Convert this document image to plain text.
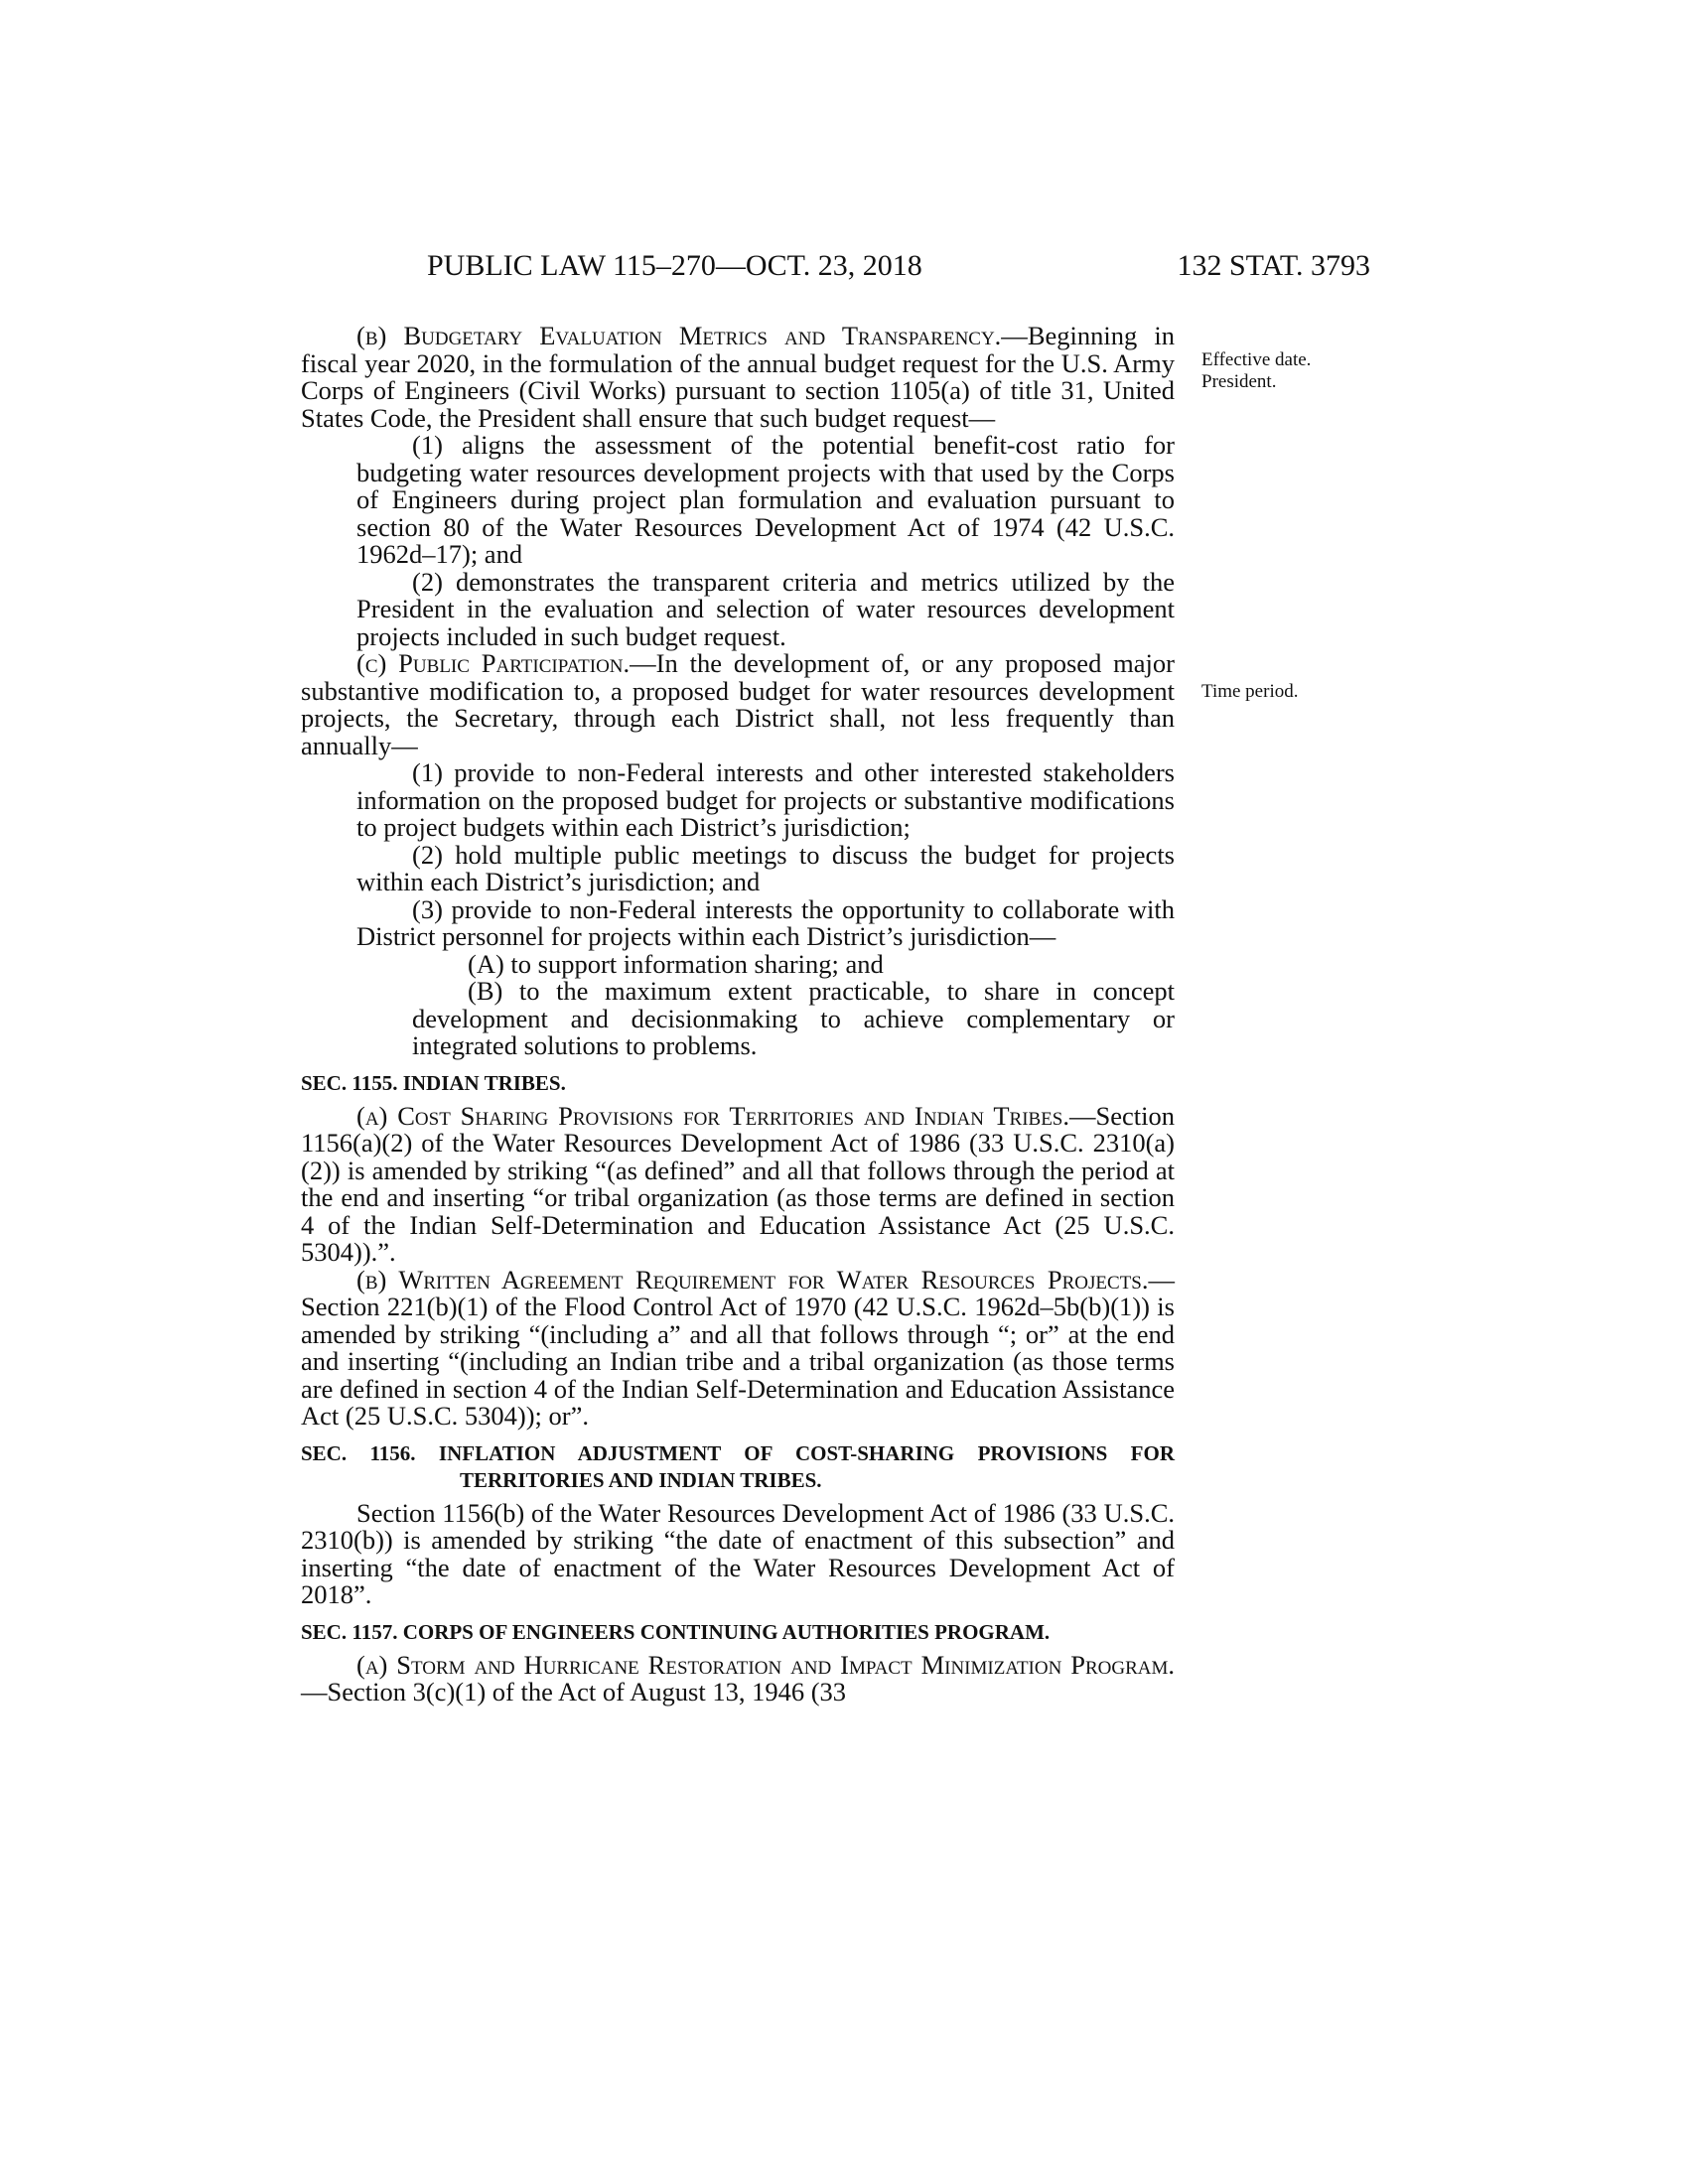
PUBLIC LAW 115–270—OCT. 23, 2018	132 STAT. 3793
Effective date.
President.
Time period.

(b) Budgetary Evaluation Metrics and Transparency.—Beginning in fiscal year 2020, in the formulation of the annual budget request for the U.S. Army Corps of Engineers (Civil Works) pursuant to section 1105(a) of title 31, United States Code, the President shall ensure that such budget request—

(1) aligns the assessment of the potential benefit-cost ratio for budgeting water resources development projects with that used by the Corps of Engineers during project plan formulation and evaluation pursuant to section 80 of the Water Resources Development Act of 1974 (42 U.S.C. 1962d–17); and

(2) demonstrates the transparent criteria and metrics utilized by the President in the evaluation and selection of water resources development projects included in such budget request.

(c) Public Participation.—In the development of, or any proposed major substantive modification to, a proposed budget for water resources development projects, the Secretary, through each District shall, not less frequently than annually—

(1) provide to non-Federal interests and other interested stakeholders information on the proposed budget for projects or substantive modifications to project budgets within each District’s jurisdiction;

(2) hold multiple public meetings to discuss the budget for projects within each District’s jurisdiction; and

(3) provide to non-Federal interests the opportunity to collaborate with District personnel for projects within each District’s jurisdiction—

(A) to support information sharing; and

(B) to the maximum extent practicable, to share in concept development and decisionmaking to achieve complementary or integrated solutions to problems.

SEC. 1155. INDIAN TRIBES.

(a) Cost Sharing Provisions for Territories and Indian Tribes.—Section 1156(a)(2) of the Water Resources Development Act of 1986 (33 U.S.C. 2310(a)(2)) is amended by striking “(as defined” and all that follows through the period at the end and inserting “or tribal organization (as those terms are defined in section 4 of the Indian Self-Determination and Education Assistance Act (25 U.S.C. 5304)).”.

(b) Written Agreement Requirement for Water Resources Projects.—Section 221(b)(1) of the Flood Control Act of 1970 (42 U.S.C. 1962d–5b(b)(1)) is amended by striking “(including a” and all that follows through “; or” at the end and inserting “(including an Indian tribe and a tribal organization (as those terms are defined in section 4 of the Indian Self-Determination and Education Assistance Act (25 U.S.C. 5304)); or”.

SEC. 1156. INFLATION ADJUSTMENT OF COST-SHARING PROVISIONS FOR TERRITORIES AND INDIAN TRIBES.

Section 1156(b) of the Water Resources Development Act of 1986 (33 U.S.C. 2310(b)) is amended by striking “the date of enactment of this subsection” and inserting “the date of enactment of the Water Resources Development Act of 2018”.

SEC. 1157. CORPS OF ENGINEERS CONTINUING AUTHORITIES PROGRAM.

(a) Storm and Hurricane Restoration and Impact Minimization Program.—Section 3(c)(1) of the Act of August 13, 1946 (33
